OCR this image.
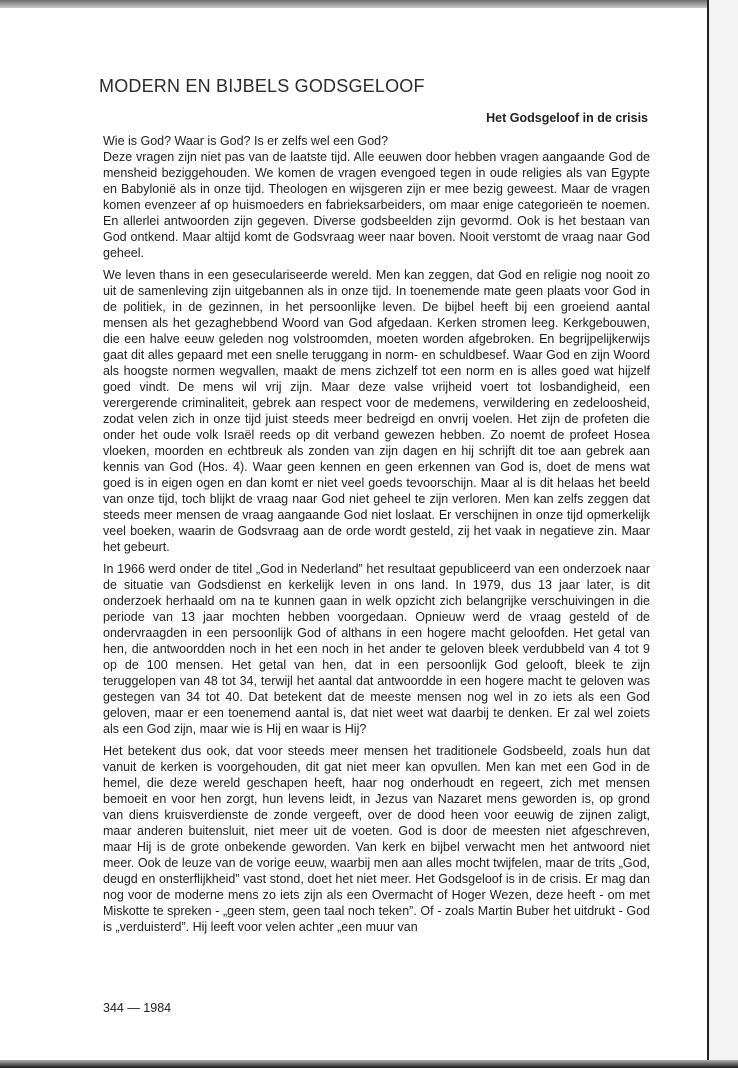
MODERN EN BIJBELS GODSGELOOF
Het Godsgeloof in de crisis

Wie is God? Waar is God? Is er zelfs wel een God?

Deze vragen zijn niet pas van de laatste tijd. Alle eeuwen door hebben vragen aangaande God de mensheid beziggehouden. We komen de vragen evengoed tegen in oude religies als van Egypte en Babylonië als in onze tijd. Theologen en wijsgeren zijn er mee bezig geweest. Maar de vragen komen evenzeer af op huismoeders en fabrieksarbeiders, om maar enige categorieën te noemen. En allerlei antwoorden zijn gegeven. Diverse godsbeelden zijn gevormd. Ook is het bestaan van God ontkend. Maar altijd komt de Godsvraag weer naar boven. Nooit verstomt de vraag naar God geheel.

We leven thans in een geseculariseerde wereld. Men kan zeggen, dat God en religie nog nooit zo uit de samenleving zijn uitgebannen als in onze tijd. In toenemende mate geen plaats voor God in de politiek, in de gezinnen, in het persoonlijke leven. De bijbel heeft bij een groeiend aantal mensen als het gezaghebbend Woord van God afgedaan. Kerken stromen leeg. Kerkgebouwen, die een halve eeuw geleden nog volstroomden, moeten worden afgebroken. En begrijpelijkerwijs gaat dit alles gepaard met een snelle teruggang in norm- en schuldbesef. Waar God en zijn Woord als hoogste normen wegvallen, maakt de mens zichzelf tot een norm en is alles goed wat hijzelf goed vindt. De mens wil vrij zijn. Maar deze valse vrijheid voert tot losbandigheid, een verergerende criminaliteit, gebrek aan respect voor de medemens, verwildering en zedeloosheid, zodat velen zich in onze tijd juist steeds meer bedreigd en onvrij voelen. Het zijn de profeten die onder het oude volk Israël reeds op dit verband gewezen hebben. Zo noemt de profeet Hosea vloeken, moorden en echtbreuk als zonden van zijn dagen en hij schrijft dit toe aan gebrek aan kennis van God (Hos. 4). Waar geen kennen en geen erkennen van God is, doet de mens wat goed is in eigen ogen en dan komt er niet veel goeds tevoorschijn. Maar al is dit helaas het beeld van onze tijd, toch blijkt de vraag naar God niet geheel te zijn verloren. Men kan zelfs zeggen dat steeds meer mensen de vraag aangaande God niet loslaat. Er verschijnen in onze tijd opmerkelijk veel boeken, waarin de Godsvraag aan de orde wordt gesteld, zij het vaak in negatieve zin. Maar het gebeurt.

In 1966 werd onder de titel „God in Nederland” het resultaat gepubliceerd van een onderzoek naar de situatie van Godsdienst en kerkelijk leven in ons land. In 1979, dus 13 jaar later, is dit onderzoek herhaald om na te kunnen gaan in welk opzicht zich belangrijke verschuivingen in die periode van 13 jaar mochten hebben voorgedaan. Opnieuw werd de vraag gesteld of de ondervraagden in een persoonlijk God of althans in een hogere macht geloofden. Het getal van hen, die antwoordden noch in het een noch in het ander te geloven bleek verdubbeld van 4 tot 9 op de 100 mensen. Het getal van hen, dat in een persoonlijk God gelooft, bleek te zijn teruggelopen van 48 tot 34, terwijl het aantal dat antwoordde in een hogere macht te geloven was gestegen van 34 tot 40. Dat betekent dat de meeste mensen nog wel in zo iets als een God geloven, maar er een toenemend aantal is, dat niet weet wat daarbij te denken. Er zal wel zoiets als een God zijn, maar wie is Hij en waar is Hij?

Het betekent dus ook, dat voor steeds meer mensen het traditionele Godsbeeld, zoals hun dat vanuit de kerken is voorgehouden, dit gat niet meer kan opvullen. Men kan met een God in de hemel, die deze wereld geschapen heeft, haar nog onderhoudt en regeert, zich met mensen bemoeit en voor hen zorgt, hun levens leidt, in Jezus van Nazaret mens geworden is, op grond van diens kruisverdienste de zonde vergeeft, over de dood heen voor eeuwig de zijnen zaligt, maar anderen buitensluit, niet meer uit de voeten. God is door de meesten niet afgeschreven, maar Hij is de grote onbekende geworden. Van kerk en bijbel verwacht men het antwoord niet meer. Ook de leuze van de vorige eeuw, waarbij men aan alles mocht twijfelen, maar de trits „God, deugd en onsterflijkheid” vast stond, doet het niet meer. Het Godsgeloof is in de crisis. Er mag dan nog voor de moderne mens zo iets zijn als een Overmacht of Hoger Wezen, deze heeft - om met Miskotte te spreken - „geen stem, geen taal noch teken”. Of - zoals Martin Buber het uitdrukt - God is „verduisterd”. Hij leeft voor velen achter „een muur van

344 — 1984
